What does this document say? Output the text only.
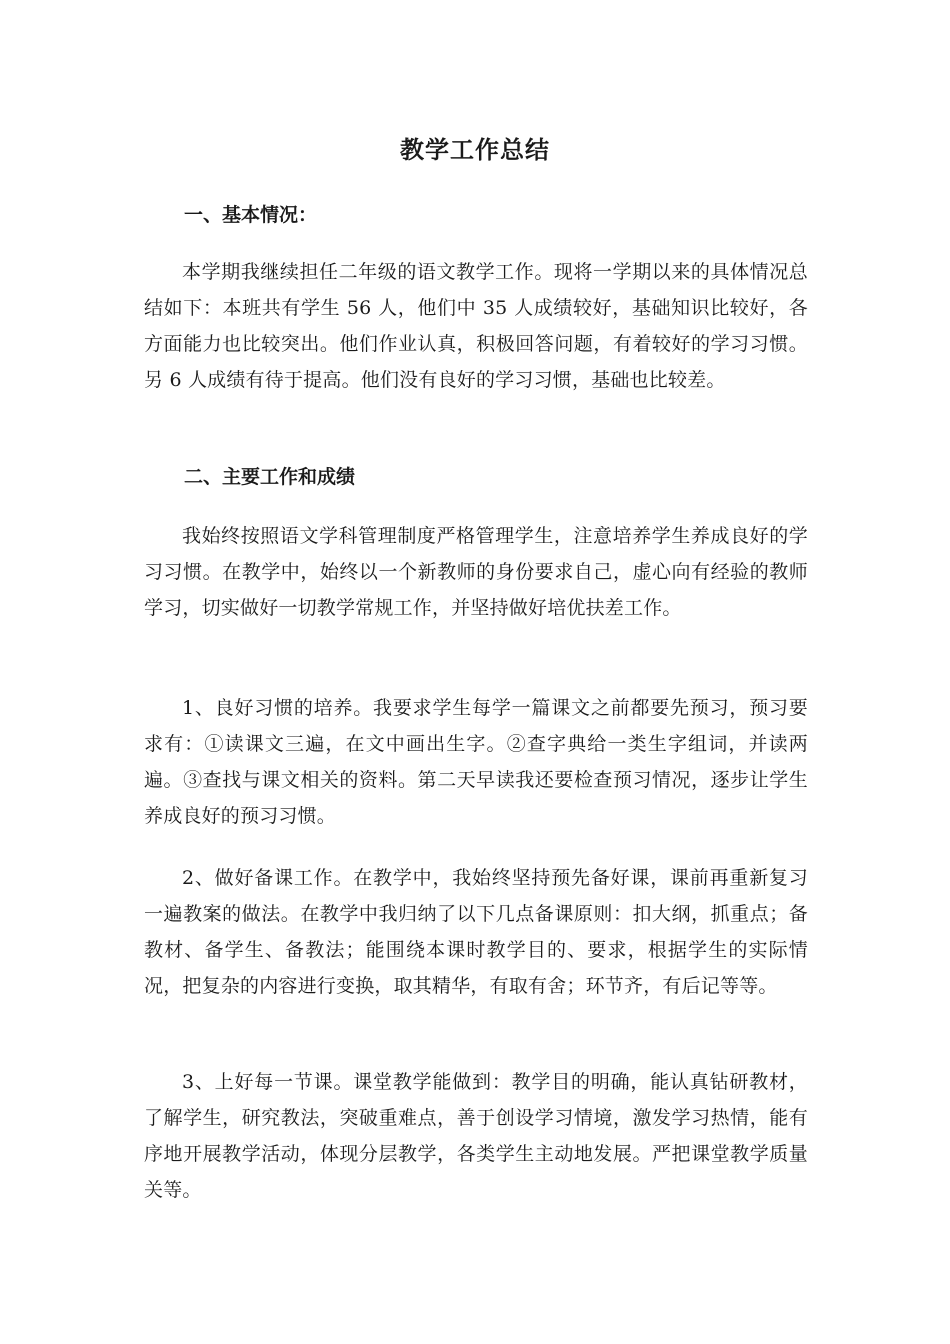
教学工作总结
一、基本情况：

本学期我继续担任二年级的语文教学工作。现将一学期以来的具体情况总结如下：本班共有学生 56 人，他们中 35 人成绩较好，基础知识比较好，各方面能力也比较突出。他们作业认真，积极回答问题，有着较好的学习习惯。另 6 人成绩有待于提高。他们没有良好的学习习惯，基础也比较差。

二、主要工作和成绩

我始终按照语文学科管理制度严格管理学生，注意培养学生养成良好的学习习惯。在教学中，始终以一个新教师的身份要求自己，虚心向有经验的教师学习，切实做好一切教学常规工作，并坚持做好培优扶差工作。

1、良好习惯的培养。我要求学生每学一篇课文之前都要先预习，预习要求有：①读课文三遍，在文中画出生字。②查字典给一类生字组词，并读两遍。③查找与课文相关的资料。第二天早读我还要检查预习情况，逐步让学生养成良好的预习习惯。

2、做好备课工作。在教学中，我始终坚持预先备好课，课前再重新复习一遍教案的做法。在教学中我归纳了以下几点备课原则：扣大纲，抓重点；备教材、备学生、备教法；能围绕本课时教学目的、要求，根据学生的实际情况，把复杂的内容进行变换，取其精华，有取有舍；环节齐，有后记等等。

3、上好每一节课。课堂教学能做到：教学目的明确，能认真钻研教材，了解学生，研究教法，突破重难点，善于创设学习情境，激发学习热情，能有序地开展教学活动，体现分层教学，各类学生主动地发展。严把课堂教学质量关等。
